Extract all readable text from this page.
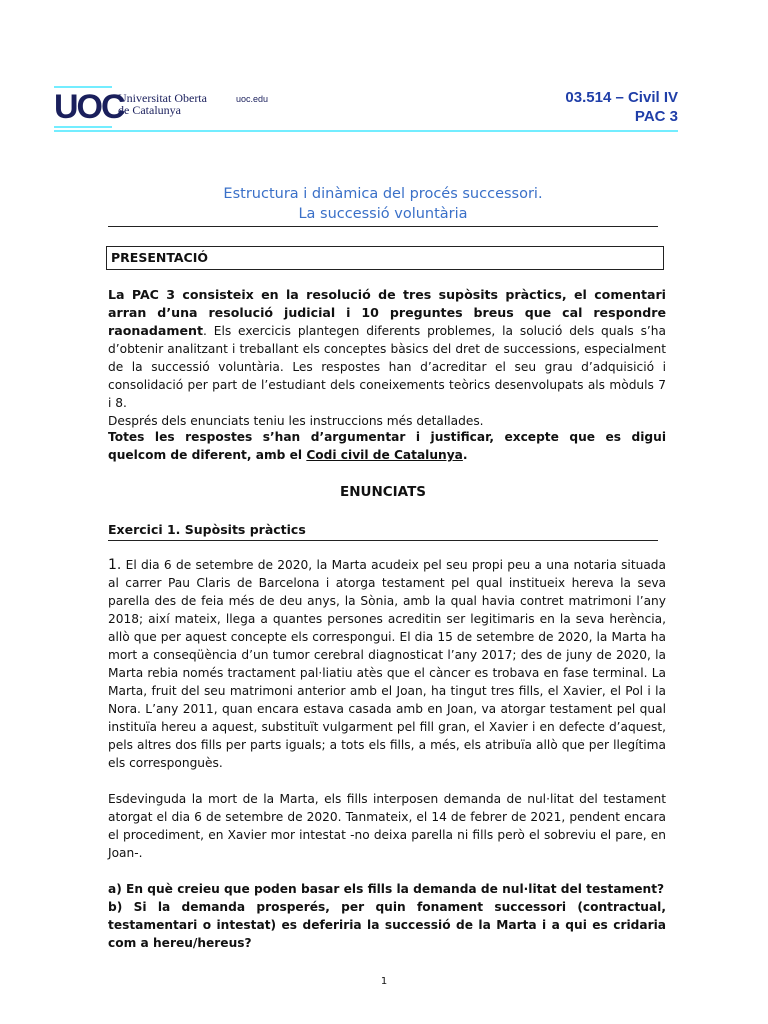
UOC
Universitat Oberta
de Catalunya
uoc.edu	03.514 – Civil IV
PAC 3
Estructura i dinàmica del procés successori.
La successió voluntària
PRESENTACIÓ

La PAC 3 consisteix en la resolució de tres supòsits pràctics, el comentari arran d’una resolució judicial i 10 preguntes breus que cal respondre raonadament. Els exercicis plantegen diferents problemes, la solució dels quals s’ha d’obtenir analitzant i treballant els conceptes bàsics del dret de successions, especialment de la successió voluntària. Les respostes han d’acreditar el seu grau d’adquisició i consolidació per part de l’estudiant dels coneixements teòrics desenvolupats als mòduls 7 i 8.
Després dels enunciats teniu les instruccions més detallades.

Totes les respostes s’han d’argumentar i justificar, excepte que es digui quelcom de diferent, amb el Codi civil de Catalunya.

ENUNCIATS
Exercici 1. Supòsits pràctics

1. El dia 6 de setembre de 2020, la Marta acudeix pel seu propi peu a una notaria situada al carrer Pau Claris de Barcelona i atorga testament pel qual instituei​x hereva la seva parella des de feia més de deu anys, la Sònia, amb la qual havia contret matrimoni l’any 2018; així mateix, llega a quantes persones acreditin ser legitimaris en la seva herència, allò que per aquest concepte els correspongui. El dia 15 de setembre de 2020, la Marta ha mort a conseqüència d’un tumor cerebral diagnosticat l’any 2017; des de juny de 2020, la Marta rebia només tractament pal·liatiu atès que el càncer es trobava en fase terminal. La Marta, fruit del seu matrimoni anterior amb el Joan, ha tingut tres fills, el Xavier, el Pol i la Nora. L’any 2011, quan encara estava casada amb en Joan, va atorgar testament pel qual instituïa hereu a aquest, substituït vulgarment pel fill gran, el Xavier i en defecte d’aquest, pels altres dos fills per parts iguals; a tots els fills, a més, els atribuïa allò que per llegítima els corresponguès.

Esdevinguda la mort de la Marta, els fills interposen demanda de nul·litat del testament atorgat el dia 6 de setembre de 2020. Tanmateix, el 14 de febrer de 2021, pendent encara el procediment, en Xavier mor intestat -no deixa parella ni fills però el sobreviu el pare, en Joan-.

a) En què creieu que poden basar els fills la demanda de nul·litat del testament?
b) Si la demanda prosperés, per quin fonament successori (contractual, testamentari o intestat) es deferiria la successió de la Marta i a qui es cridaria com a hereu/hereus?

1
